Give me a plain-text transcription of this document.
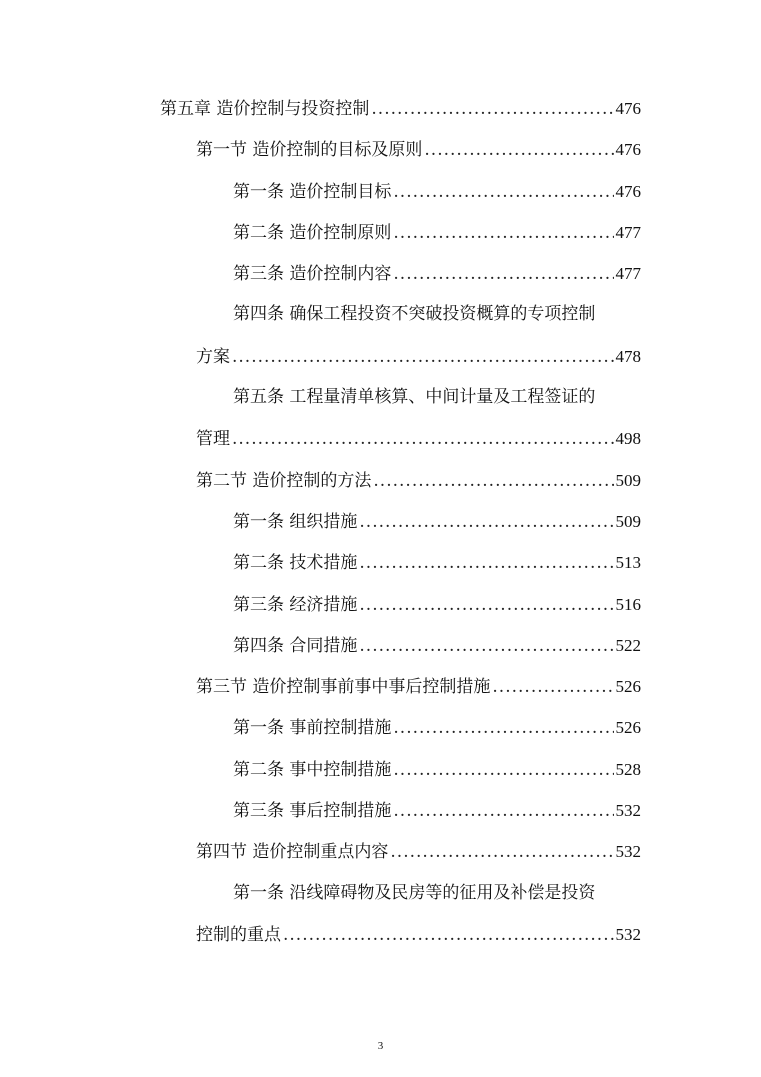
第五章 造价控制与投资控制 .....	476
第一节 造价控制的目标及原则 .....	476
第一条 造价控制目标 .....	476
第二条 造价控制原则 .....	477
第三条 造价控制内容 .....	477
第四条 确保工程投资不突破投资概算的专项控制
方案 .....	478
第五条 工程量清单核算、中间计量及工程签证的
管理 .....	498
第二节 造价控制的方法 .....	509
第一条 组织措施 .....	509
第二条 技术措施 .....	513
第三条 经济措施 .....	516
第四条 合同措施 .....	522
第三节 造价控制事前事中事后控制措施 .....	526
第一条 事前控制措施 .....	526
第二条 事中控制措施 .....	528
第三条 事后控制措施 .....	532
第四节 造价控制重点内容 .....	532
第一条 沿线障碍物及民房等的征用及补偿是投资
控制的重点 .....	532
3
